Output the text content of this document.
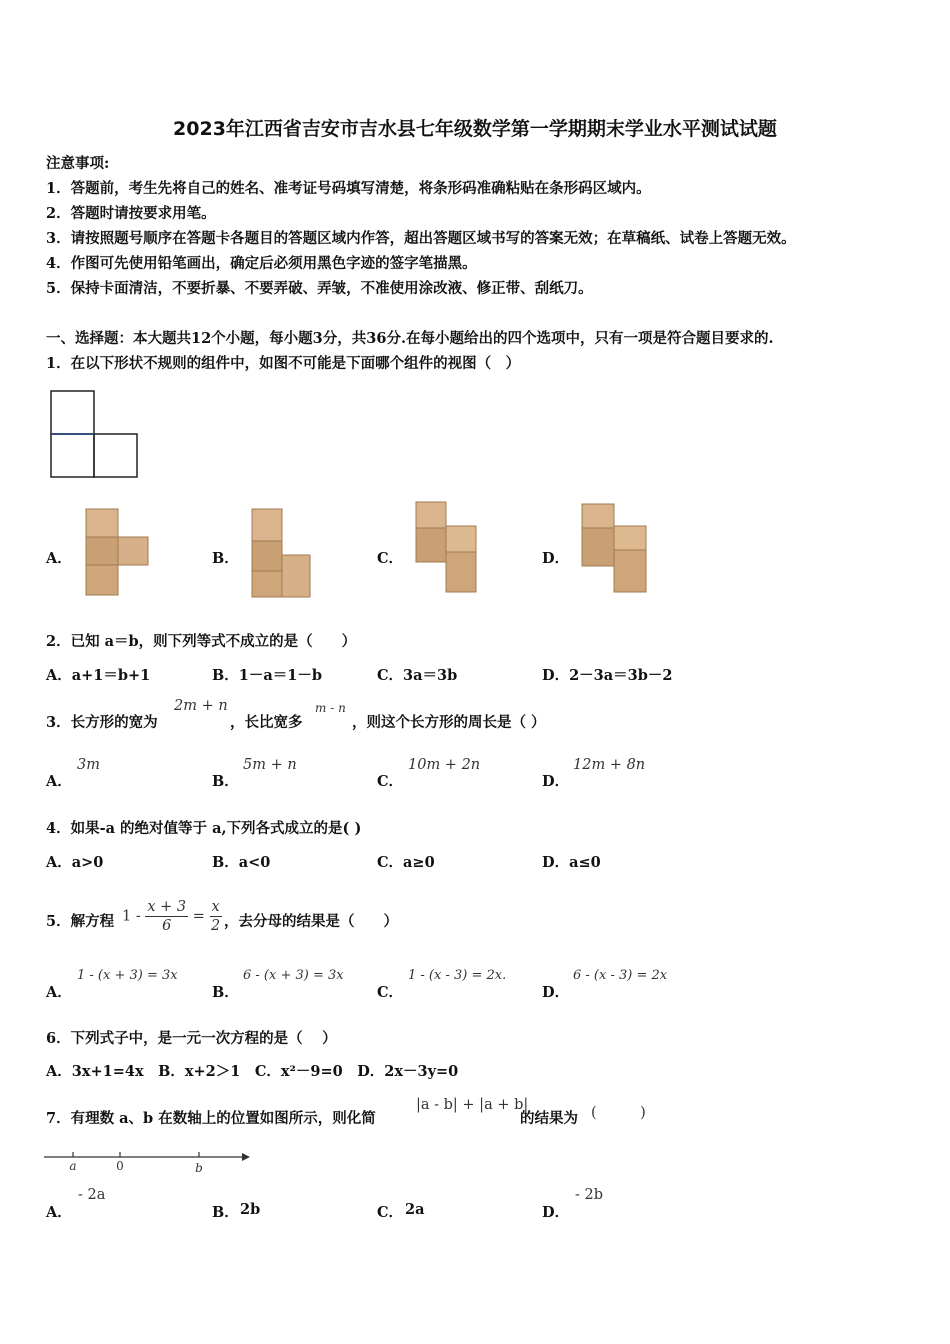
2023年江西省吉安市吉水县七年级数学第一学期期末学业水平测试试题
注意事项:
1．答题前，考生先将自己的姓名、准考证号码填写清楚，将条形码准确粘贴在条形码区域内。
2．答题时请按要求用笔。
3．请按照题号顺序在答题卡各题目的答题区域内作答，超出答题区域书写的答案无效；在草稿纸、试卷上答题无效。
4．作图可先使用铅笔画出，确定后必须用黑色字迹的签字笔描黑。
5．保持卡面清洁，不要折暴、不要弄破、弄皱，不准使用涂改液、修正带、刮纸刀。
一、选择题：本大题共12个小题，每小题3分，共36分.在每小题给出的四个选项中，只有一项是符合题目要求的.
1．在以下形状不规则的组件中，如图不可能是下面哪个组件的视图（　）
A．	B．	C．	D．
2．已知 a＝b，则下列等式不成立的是（　　）
A．a+1＝b+1	B．1－a＝1－b	C．3a＝3b	D．2－3a＝3b－2
3．长方形的宽为
2m + n
，长比宽多
m - n
，则这个长方形的周长是（ ）
A．
3m
B．
5m + n
C．
10m + 2n
D．
12m + 8n
4．如果-a 的绝对值等于 a,下列各式成立的是( )
A．a>0	B．a<0	C．a≥0	D．a≤0
5．解方程 $1 - \frac{x + 3}{6} = \frac{x}{2}$ ，去分母的结果是（　　）
A．
1 - (x + 3) = 3x
B．
6 - (x + 3) = 3x
C．
1 - (x - 3) = 2x.
D．
6 - (x - 3) = 2x
6．下列式子中，是一元一次方程的是（　 ）
A．3x+1=4x　B．x+2＞1　C．x²－9=0　D．2x－3y=0
7．有理数 a、b 在数轴上的位置如图所示，则化简
|a - b| + |a + b|
的结果为 (　　　)
a	0	b
A．
- 2a
B． 2b	C． 2a	D．
- 2b
